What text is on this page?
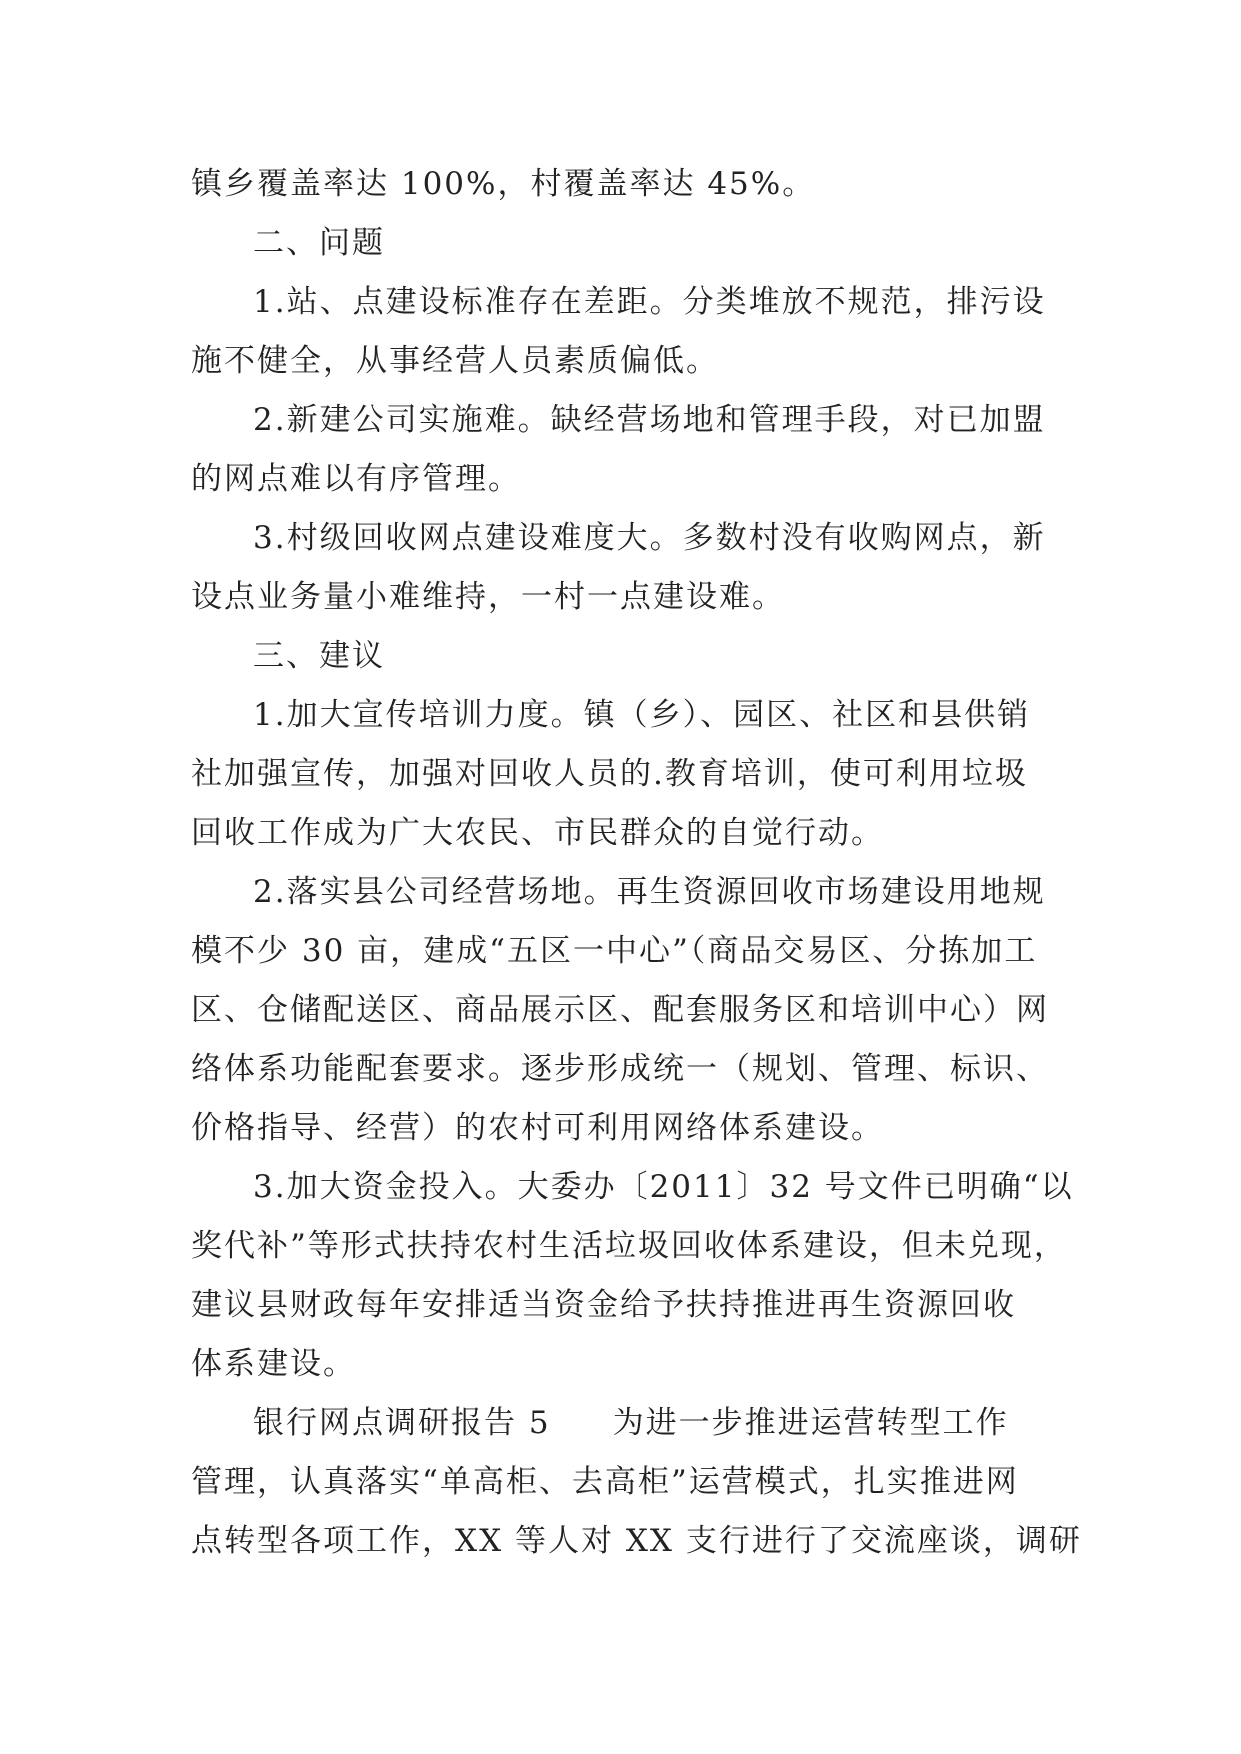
镇乡覆盖率达 100%，村覆盖率达 45%。
二、问题
1.站、点建设标准存在差距。分类堆放不规范，排污设
施不健全，从事经营人员素质偏低。
2.新建公司实施难。缺经营场地和管理手段，对已加盟
的网点难以有序管理。
3.村级回收网点建设难度大。多数村没有收购网点，新
设点业务量小难维持，一村一点建设难。
三、建议
1.加大宣传培训力度。镇（乡）、园区、社区和县供销
社加强宣传，加强对回收人员的.教育培训，使可利用垃圾
回收工作成为广大农民、市民群众的自觉行动。
2.落实县公司经营场地。再生资源回收市场建设用地规
模不少 30 亩，建成“五区一中心”（商品交易区、分拣加工
区、仓储配送区、商品展示区、配套服务区和培训中心）网
络体系功能配套要求。逐步形成统一（规划、管理、标识、
价格指导、经营）的农村可利用网络体系建设。
3.加大资金投入。大委办〔2011〕32 号文件已明确“以
奖代补”等形式扶持农村生活垃圾回收体系建设，但未兑现，
建议县财政每年安排适当资金给予扶持推进再生资源回收
体系建设。
银行网点调研报告 5 为进一步推进运营转型工作
管理，认真落实“单高柜、去高柜”运营模式，扎实推进网
点转型各项工作，XX 等人对 XX 支行进行了交流座谈，调研
